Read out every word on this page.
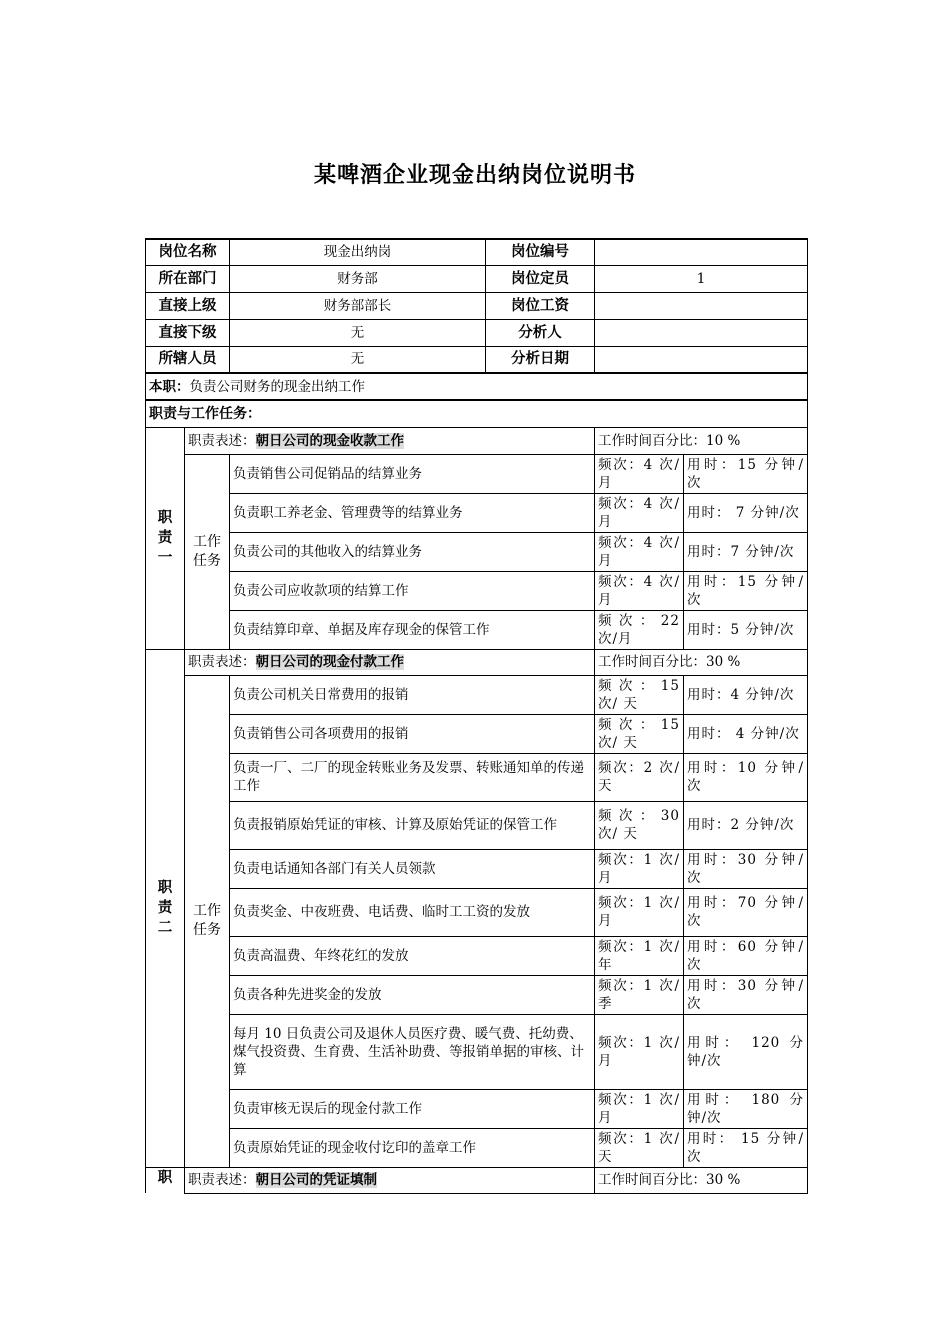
某啤酒企业现金出纳岗位说明书
岗位名称		现金出纳岗	岗位编号		
所在部门		财务部	岗位定员	1	
直接上级		财务部部长	岗位工资		
直接下级		无	分析人		
所辖人员		无	分析日期		
本职：负责公司财务的现金出纳工作					
职责与工作任务：					
职责一	职责表述：朝日公司的现金收款工作			工作时间百分比：10 %	
	工作任务	负责销售公司促销品的结算业务		频次：4 次/ 月	用时：15 分钟/次
		负责职工养老金、管理费等的结算业务		频次：4 次/ 月	用时： 7 分钟/次
		负责公司的其他收入的结算业务		频次：4 次/ 月	用时：7 分钟/次
		负责公司应收款项的结算工作		频次：4 次/ 月	用时：15 分钟/次
		负责结算印章、单据及库存现金的保管工作		频 次 ： 22 次/月	用时：5 分钟/次
职责二	职责表述：朝日公司的现金付款工作			工作时间百分比：30 %	
	工作任务	负责公司机关日常费用的报销		频 次 ： 15 次/ 天	用时：4 分钟/次
		负责销售公司各项费用的报销		频 次 ： 15 次/ 天	用时： 4 分钟/次
		负责一厂、二厂的现金转账业务及发票、转账通知单的传递工作		频次：2 次/ 天	用时：10 分钟/次
		负责报销原始凭证的审核、计算及原始凭证的保管工作		频 次 ： 30 次/ 天	用时：2 分钟/次
		负责电话通知各部门有关人员领款		频次：1 次/ 月	用时：30 分钟/次
		负责奖金、中夜班费、电话费、临时工工资的发放		频次：1 次/ 月	用时：70 分钟/次
		负责高温费、年终花红的发放		频次：1 次/ 年	用时：60 分钟/次
		负责各种先进奖金的发放		频次：1 次/ 季	用时：30 分钟/次
		每月 10 日负责公司及退休人员医疗费、暖气费、托幼费、煤气投资费、生育费、生活补助费、等报销单据的审核、计算		频次：1 次/ 月	用时： 120 分钟/次
		负责审核无误后的现金付款工作		频次：1 次/ 月	用时： 180 分钟/次
		负责原始凭证的现金收付讫印的盖章工作		频次：1 次/ 天	用时： 15 分钟/次
职	职责表述：朝日公司的凭证填制			工作时间百分比：30 %	
